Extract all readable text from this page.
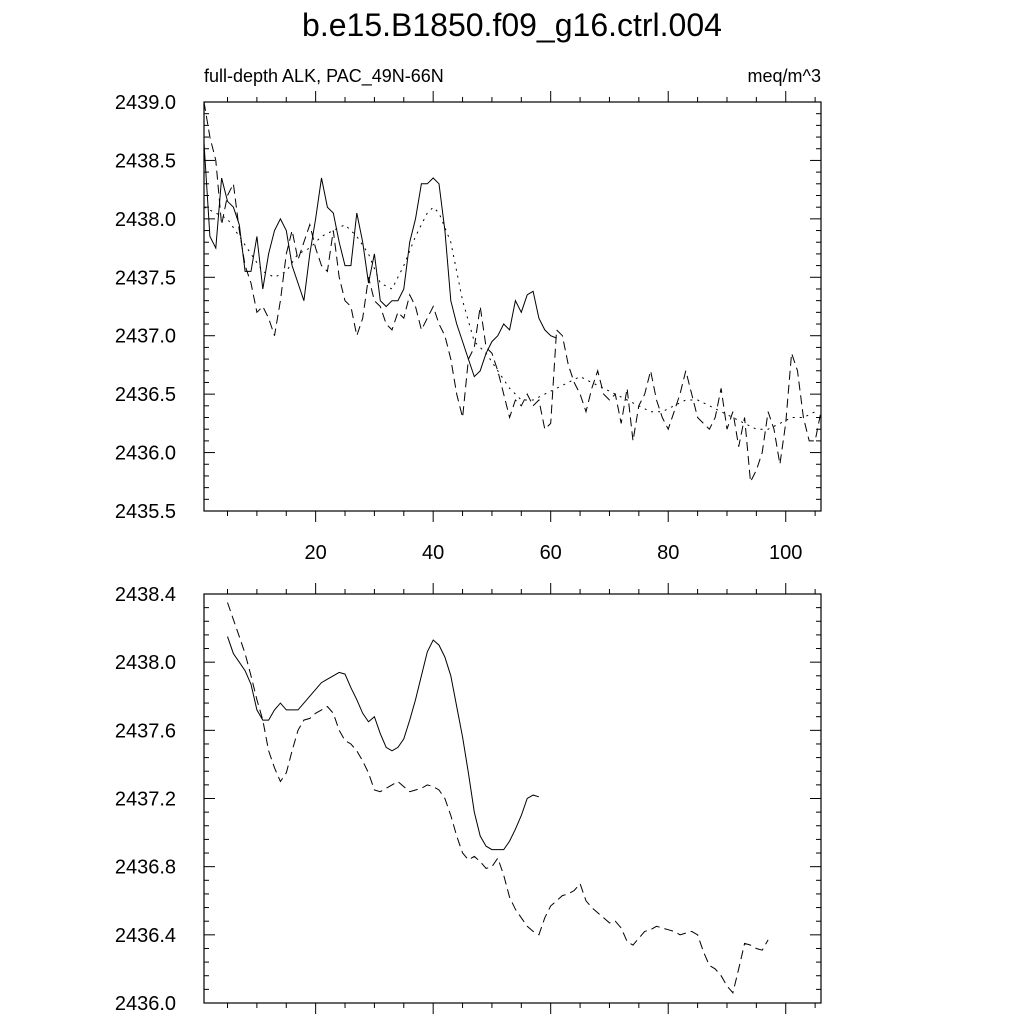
b.e15.B1850.f09_g16.ctrl.004
full-depth ALK, PAC_49N-66N	meq/m^3
2435.5
2436.0
2436.5
2437.0
2437.5
2438.0
2438.5
2439.0
20	40	60	80	100
2436.0
2436.4
2436.8
2437.2
2437.6
2438.0
2438.4
